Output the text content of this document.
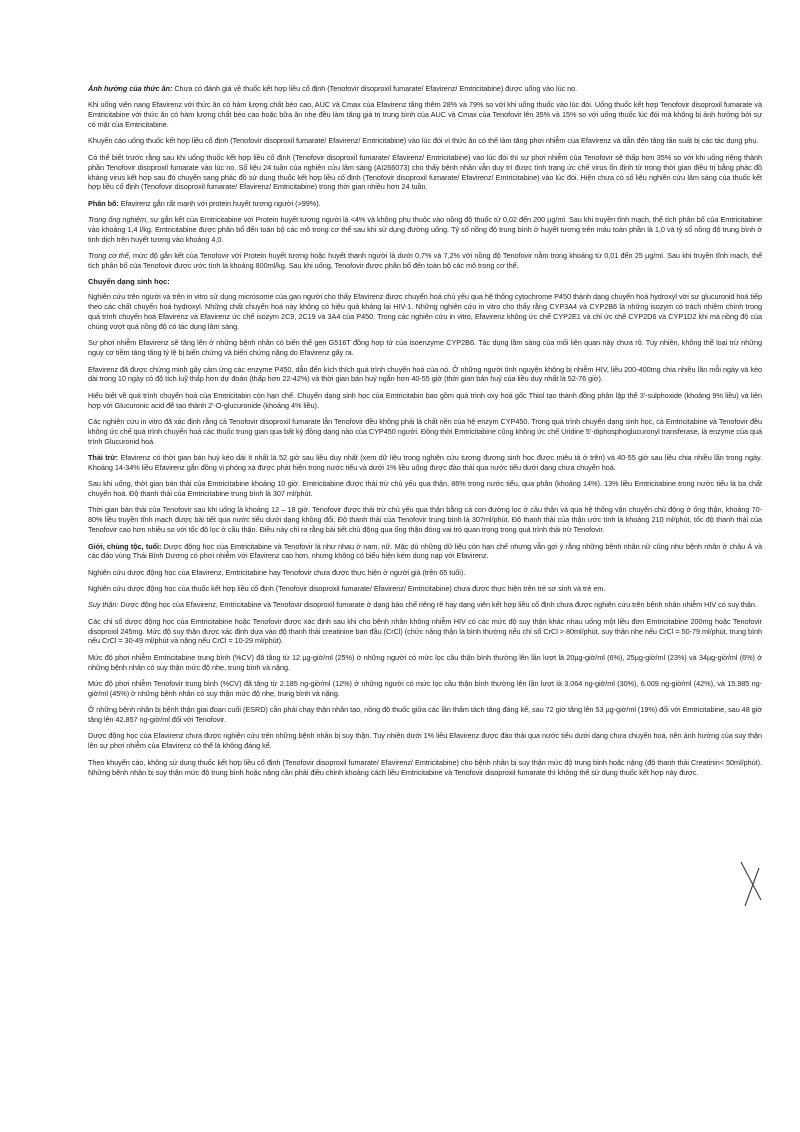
Ảnh hưởng của thức ăn: Chưa có đánh giá về thuốc kết hợp liều cố định (Tenofovir disoproxil fumarate/ Efavirenz/ Emtricitabine) được uống vào lúc no.

Khi uống viên nang Efavirenz với thức ăn có hàm lượng chất béo cao, AUC và Cmax của Efavirenz tăng thêm 28% và 79% so với khi uống thuốc vào lúc đói. Uống thuốc kết hợp Tenofovir disoproxil fumarate và Emtricitabine với thức ăn có hàm lượng chất béo cao hoặc bữa ăn nhẹ đều làm tăng giá trị trung bình của AUC và Cmax của Tenofovir lên 35% và 15% so với uống thuốc lúc đói mà không bị ảnh hưởng bởi sự có mặt của Emtricitabine.

Khuyến cáo uống thuốc kết hợp liều cố định (Tenofovir disoproxil fumarate/ Efavirenz/ Emtricitabine) vào lúc đói vì thức ăn có thể làm tăng phơi nhiễm của Efavirenz và dẫn đến tăng tần suất bị các tác dụng phụ.

Có thể biết trước rằng sau khi uống thuốc kết hợp liều cố định (Tenofovir disoproxil fumarate/ Efavirenz/ Emtricitabine) vào lúc đói thì sự phơi nhiễm của Tenofovir sẽ thấp hơn 35% so với khi uống riêng thành phần Tenofovir disoproxil fumarate vào lúc no. Số liệu 24 tuần của nghiên cứu lâm sàng (AI266073) cho thấy bệnh nhân vẫn duy trì được tình trạng ức chế virus ổn định từ trong thời gian điều trị bằng phác đồ kháng virus kết hợp sau đó chuyển sang phác đồ sử dụng thuốc kết hợp liều cố định (Tenofovir disoproxil fumarate/ Efavirenz/ Emtricitabine) vào lúc đói. Hiện chưa có số liệu nghiên cứu lâm sàng của thuốc kết hợp liều cố định (Tenofovir disoproxil fumarate/ Efavirenz/ Emtricitabine) trong thời gian nhiều hơn 24 tuần.

Phân bố: Efavirenz gắn rất mạnh với protein huyết tương người (>99%).

Trong ống nghiệm, sự gắn kết của Emtricitabine với Protein huyết tương người là <4% và không phụ thuộc vào nồng độ thuốc từ 0,02 đến 200 µg/ml. Sau khi truyền tĩnh mạch, thể tích phân bố của Emtricitabine vào khoảng 1,4 l/kg. Emtricitabine được phân bố đến toàn bộ các mô trong cơ thể sau khi sử dụng đường uống. Tỷ số nồng độ trung bình ở huyết tương trên máu toàn phần là 1,0 và tỷ số nồng độ trung bình ở tinh dịch trên huyết tương vào khoảng 4,0.

Trong cơ thể, mức độ gắn kết của Tenofovir với Protein huyết tương hoặc huyết thanh người là dưới 0,7% và 7,2% với nồng độ Tenofovir nằm trong khoảng từ 0,01 đến 25 µg/ml. Sau khi truyền tĩnh mạch, thể tích phân bố của Tenofovir được ước tính là khoảng 800ml/kg. Sau khi uống, Tenofovir được phân bố đến toàn bộ các mô trong cơ thể.

Chuyển dạng sinh học:

Nghiên cứu trên người và trên in vitro sử dụng microsome của gan người cho thấy Efavirenz được chuyển hoá chủ yếu qua hệ thống cytochrome P450 thành dạng chuyển hoá hydroxyl với sự glucuronid hoá tiếp theo các chất chuyển hoá hydroxyl. Những chất chuyển hoá này không có hiệu quả kháng lại HIV-1. Những nghiên cứu in vitro cho thấy rằng CYP3A4 và CYP2B6 là những isozym có trách nhiệm chính trong quá trình chuyển hoá Efavirenz và Efavirenz ức chế isozym 2C9, 2C19 và 3A4 của P450. Trong các nghiên cứu in vitro, Efavirenz không ức chế CYP2E1 và chỉ ức chế CYP2D6 và CYP1D2 khi mà nồng độ của chúng vượt quá nồng độ có tác dụng lâm sàng.

Sự phơi nhiễm Efavirenz sẽ tăng lên ở những bệnh nhân có biến thể gen G516T đồng hợp tử của isoenzyme CYP2B6. Tác dụng lâm sàng của mối liên quan này chưa rõ. Tuy nhiên, không thể loại trừ những nguy cơ tiềm tàng tăng tỷ lệ bị biến chứng và biến chứng nặng do Efavirenz gây ra.

Efavirenz đã được chứng minh gây cảm ứng các enzyme P450, dẫn đến kích thích quá trình chuyển hoá của nó. Ở những người tình nguyện không bị nhiễm HIV, liều 200-400mg chia nhiều lần mỗi ngày và kéo dài trong 10 ngày có độ tích luỹ thấp hơn dự đoán (thấp hơn 22-42%) và thời gian bán huỷ ngắn hơn 40-55 giờ (thời gian bán huỷ của liều duy nhất là 52-76 giờ).

Hiểu biết về quá trình chuyển hoá của Emtricitabin còn hạn chế. Chuyển dạng sinh học của Emtricitabin bao gồm quá trình oxy hoá gốc Thiol tạo thành đồng phân lập thể 3'-sulphoxide (khoảng 9% liều) và liên hợp với Glucuronic acid để tạo thành 2'-O-glucuronide (khoảng 4% liều).

Các nghiên cứu in vitro đã xác định rằng cả Tenofovir disoproxil fumarate lẫn Tenofovir đều không phải là chất nền của hệ enzym CYP450. Trong quá trình chuyển dạng sinh học, cả Emtricitabine và Tenofovir đều không ức chế quá trình chuyển hoá các thuốc trung gian qua bất kỳ đồng dạng nào của CYP450 người. Đồng thời Emtricitabine cũng không ức chế Uridine 5'-diphosphoglucuronyl transferase, là enzyme của quá trình Glucuronid hoá.

Thải trừ: Efavirenz có thời gian bán huỷ kéo dài ít nhất là 52 giờ sau liều duy nhất (xem dữ liệu trong nghiên cứu tương đương sinh học được miêu tả ở trên) và 40-55 giờ sau liều chia nhiều lần trong ngày. Khoảng 14-34% liều Efavirenz gắn đồng vị phóng xạ được phát hiện trong nước tiểu và dưới 1% liều uống được đào thải qua nước tiểu dưới dạng chưa chuyển hoá.

Sau khi uống, thời gian bán thải của Emtricitabine khoảng 10 giờ. Emtricitabine được thải trừ chủ yếu qua thận, 86% trong nước tiểu, qua phân (khoảng 14%). 13% liều Emtricitabine trong nước tiểu là ba chất chuyển hoá. Độ thanh thải của Emtricitabine trung bình là 307 ml/phút.

Thời gian bán thải của Tenofovir sau khi uống là khoảng 12 – 18 giờ. Tenofovir được thải trừ chủ yếu qua thận bằng cả con đường lọc ở cầu thận và qua hệ thống vận chuyển chủ động ở ống thận, khoảng 70-80% liều truyền tĩnh mạch được bài tiết qua nước tiểu dưới dạng không đổi. Độ thanh thải của Tenofovir trung bình là 307ml/phút. Độ thanh thải của thận ước tính là khoảng 210 ml/phút, tốc độ thanh thải của Tenofovir cao hơn nhiều so với tốc độ lọc ở cầu thận. Điều này chỉ ra rằng bài tiết chủ động qua ống thận đóng vai trò quan trọng trong quá trình thải trừ Tenofovir.

Giới, chủng tộc, tuổi: Dược động học của Emtricitabine và Tenofovir là như nhau ở nam, nữ. Mặc dù những dữ liệu còn hạn chế nhưng vẫn gợi ý rằng những bệnh nhân nữ cũng như bệnh nhân ở châu Á và các đảo vùng Thái Bình Dương có phơi nhiễm với Efavirenz cao hơn, nhưng không có biểu hiện kém dung nạp với Efavirenz.

Nghiên cứu dược động học của Efavirenz, Emtricitabine hay Tenofovir chưa được thực hiện ở người già (trên 65 tuổi).

Nghiên cứu dược động học của thuốc kết hợp liều cố định (Tenofovir disoproxil fumarate/ Efavirenz/ Emtricitabine) chưa được thực hiện trên trẻ sơ sinh và trẻ em.

Suy thận: Dược động học của Efavirenz, Emtricitabine và Tenofovir disoproxil fumarate ở dạng bào chế riêng rẽ hay dạng viên kết hợp liều cố định chưa được nghiên cứu trên bệnh nhân nhiễm HIV có suy thận.

Các chỉ số dược động học của Emtricitabine hoặc Tenofovir được xác định sau khi cho bệnh nhân không nhiễm HIV có các mức độ suy thận khác nhau uống một liều đơn Emtricitabine 200mg hoặc Tenofovir disoproxil 245mg. Mức độ suy thận được xác định dựa vào độ thanh thải creatinine ban đầu (CrCl) (chức năng thận là bình thường nếu chỉ số CrCl > 80ml/phút, suy thận nhẹ nếu CrCl = 50-79 ml/phút, trung bình nếu CrCl = 30-49 ml/phút và nặng nếu CrCl = 10-29 ml/phút).

Mức độ phơi nhiễm Emtricitabine trung bình (%CV) đã tăng từ 12 µg-giờ/ml (25%) ở những người có mức lọc cầu thận bình thường lên lần lượt là 20µg-giờ/ml (6%), 25µg-giờ/ml (23%) và 34µg-giờ/ml (6%) ở những bệnh nhân có suy thận mức độ nhẹ, trung bình và nặng.

Mức độ phơi nhiễm Tenofovir trung bình (%CV) đã tăng từ 2.185 ng-giờ/ml (12%) ở những người có mức lọc cầu thận bình thường lên lần lượt là 3.064 ng-giờ/ml (30%), 6.009 ng-giờ/ml (42%), và 15.985 ng-giờ/ml (45%) ở những bệnh nhân có suy thận mức độ nhẹ, trung bình và nặng.

Ở những bệnh nhân bị bệnh thận giai đoạn cuối (ESRD) cần phải chạy thận nhân tạo, nồng độ thuốc giữa các lần thẩm tách tăng đáng kể, sau 72 giờ tăng lên 53 µg-giờ/ml (19%) đối với Emtricitabine, sau 48 giờ tăng lên 42.857 ng-giờ/ml đối với Tenofovir.

Dược động học của Efavirenz chưa được nghiên cứu trên những bệnh nhân bị suy thận. Tuy nhiên dưới 1% liều Efavirenz được đào thải qua nước tiểu dưới dạng chưa chuyển hoá, nên ảnh hưởng của suy thận lên sự phơi nhiễm của Efavirenz có thể là không đáng kể.

Theo khuyến cáo, không sử dụng thuốc kết hợp liều cố định (Tenofovir disoproxil fumarate/ Efavirenz/ Emtricitabine) cho bệnh nhân bị suy thận mức độ trung bình hoặc nặng (độ thanh thải Creatinin< 50ml/phút). Những bệnh nhân bị suy thận mức độ trung bình hoặc nặng cần phải điều chỉnh khoảng cách liều Emtricitabine và Tenofovir disoproxil fumarate thì không thể sử dụng thuốc kết hợp này được.
